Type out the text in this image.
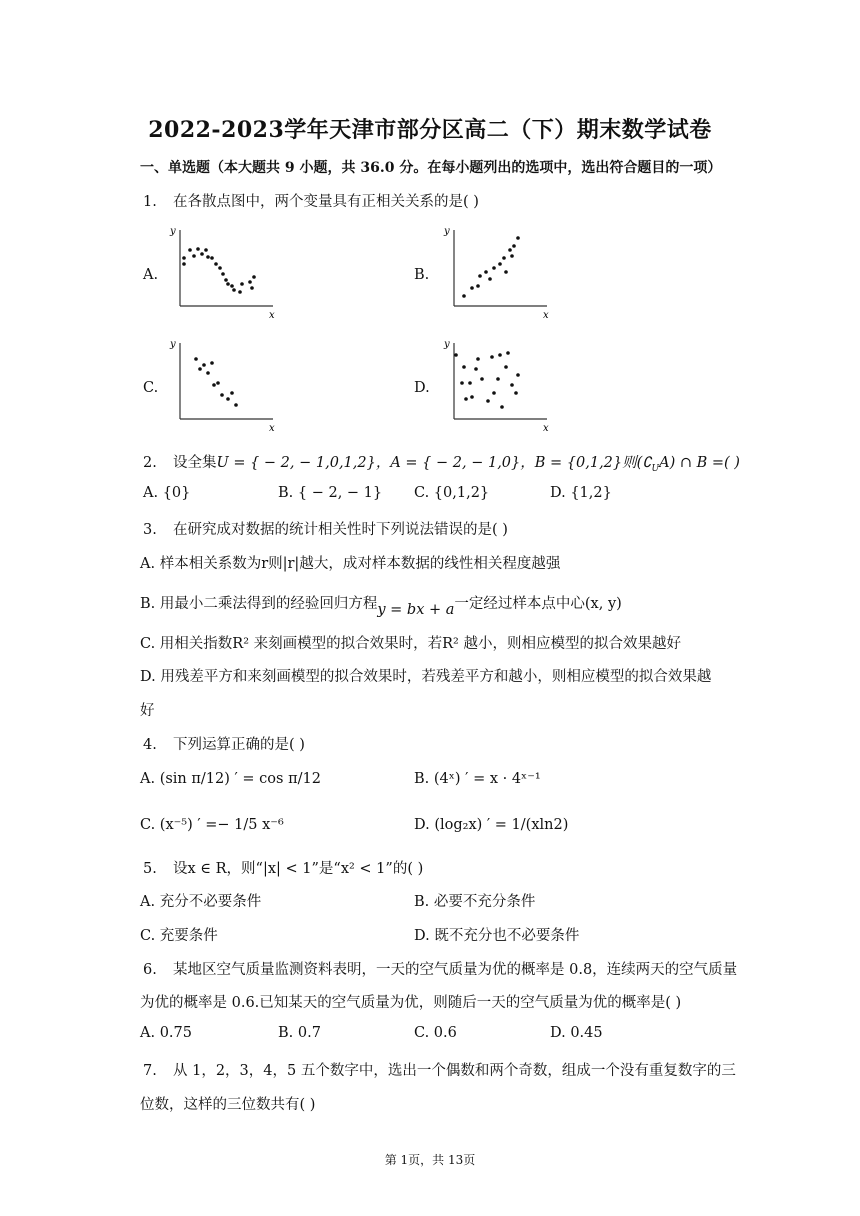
2022-2023学年天津市部分区高二（下）期末数学试卷
一、单选题（本大题共 9 小题，共 36.0 分。在每小题列出的选项中，选出符合题目的一项）
1. 在各散点图中，两个变量具有正相关关系的是( )
A.	B.
C.	D.
y
x
y
x
y
x
y
x
2. 设全集U = { − 2, − 1,0,1,2}，A = { − 2, − 1,0}，B = {0,1,2}则$(∁_UA)$ ∩ B =( )
A. {0}	B. { − 2, − 1} C. {0,1,2}	D. {1,2}
3. 在研究成对数据的统计相关性时下列说法错误的是( )
A. 样本相关系数为r则|r|越大，成对样本数据的线性相关程度越强
B. 用最小二乘法得到的经验回归方程y = bx + a一定经过样本点中心(x, y)
C. 用相关指数R² 来刻画模型的拟合效果时，若R² 越小，则相应模型的拟合效果越好
D. 用残差平方和来刻画模型的拟合效果时，若残差平方和越小，则相应模型的拟合效果越
好
4. 下列运算正确的是( )
A. (sin π/12) ′ = cos π/12	B. (4ˣ) ′ = x · 4ˣ⁻¹
C. (x⁻⁵) ′ =− 1/5 x⁻⁶	D. (log₂x) ′ = 1/(xln2)
5. 设x ∈ R，则“|x| < 1”是“x² < 1”的( )
A. 充分不必要条件	B. 必要不充分条件
C. 充要条件	D. 既不充分也不必要条件
6. 某地区空气质量监测资料表明，一天的空气质量为优的概率是 0.8，连续两天的空气质量
为优的概率是 0.6.已知某天的空气质量为优，则随后一天的空气质量为优的概率是( )
A. 0.75	B. 0.7	C. 0.6	D. 0.45
7. 从 1，2，3，4，5 五个数字中，选出一个偶数和两个奇数，组成一个没有重复数字的三
位数，这样的三位数共有( )
第 1页，共 13页
